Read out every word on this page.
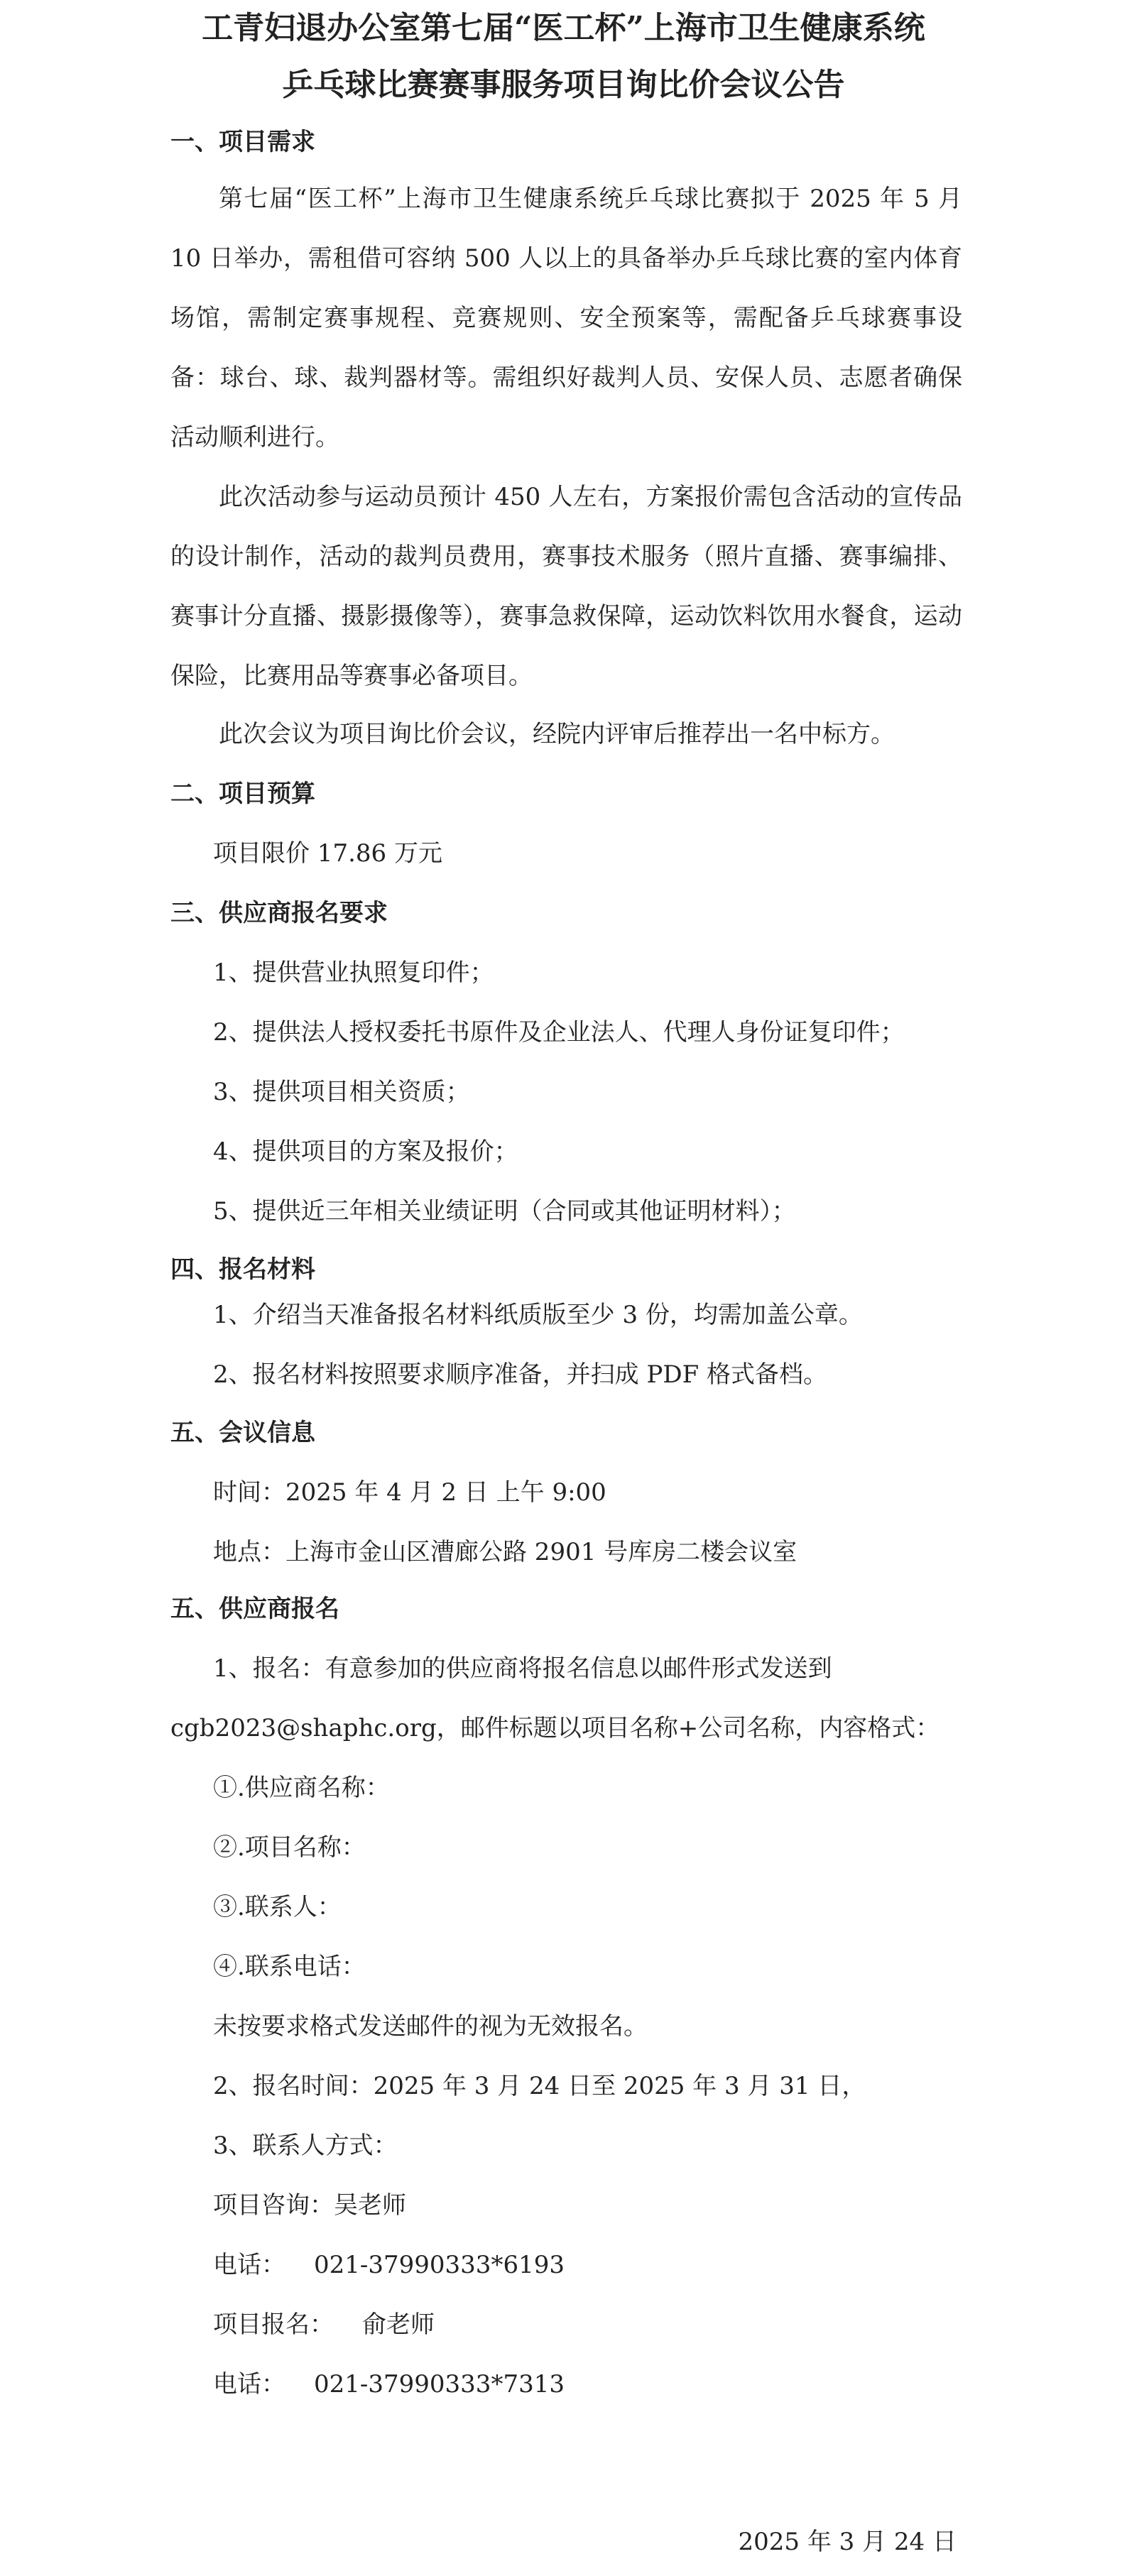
工青妇退办公室第七届“医工杯”上海市卫生健康系统
乒乓球比赛赛事服务项目询比价会议公告
一、项目需求
第七届“医工杯”上海市卫生健康系统乒乓球比赛拟于 2025 年 5 月 10 日举办，需租借可容纳 500 人以上的具备举办乒乓球比赛的室内体育场馆，需制定赛事规程、竞赛规则、安全预案等，需配备乒乓球赛事设备：球台、球、裁判器材等。需组织好裁判人员、安保人员、志愿者确保活动顺利进行。
此次活动参与运动员预计 450 人左右，方案报价需包含活动的宣传品的设计制作，活动的裁判员费用，赛事技术服务（照片直播、赛事编排、赛事计分直播、摄影摄像等），赛事急救保障，运动饮料饮用水餐食，运动保险，比赛用品等赛事必备项目。
此次会议为项目询比价会议，经院内评审后推荐出一名中标方。
二、项目预算
项目限价 17.86 万元
三、供应商报名要求
1、提供营业执照复印件；
2、提供法人授权委托书原件及企业法人、代理人身份证复印件；
3、提供项目相关资质；
4、提供项目的方案及报价；
5、提供近三年相关业绩证明（合同或其他证明材料）；
四、报名材料
1、介绍当天准备报名材料纸质版至少 3 份，均需加盖公章。
2、报名材料按照要求顺序准备，并扫成 PDF 格式备档。
五、会议信息
时间：2025 年 4 月 2 日 上午 9:00
地点：上海市金山区漕廊公路 2901 号库房二楼会议室
五、供应商报名
1、报名：有意参加的供应商将报名信息以邮件形式发送到
cgb2023@shaphc.org，邮件标题以项目名称+公司名称，内容格式：
①.供应商名称：
②.项目名称：
③.联系人：
④.联系电话：
未按要求格式发送邮件的视为无效报名。
2、报名时间：2025 年 3 月 24 日至 2025 年 3 月 31 日，
3、联系人方式：
项目咨询：吴老师
电话： 021-37990333*6193
项目报名： 俞老师
电话： 021-37990333*7313
2025 年 3 月 24 日
